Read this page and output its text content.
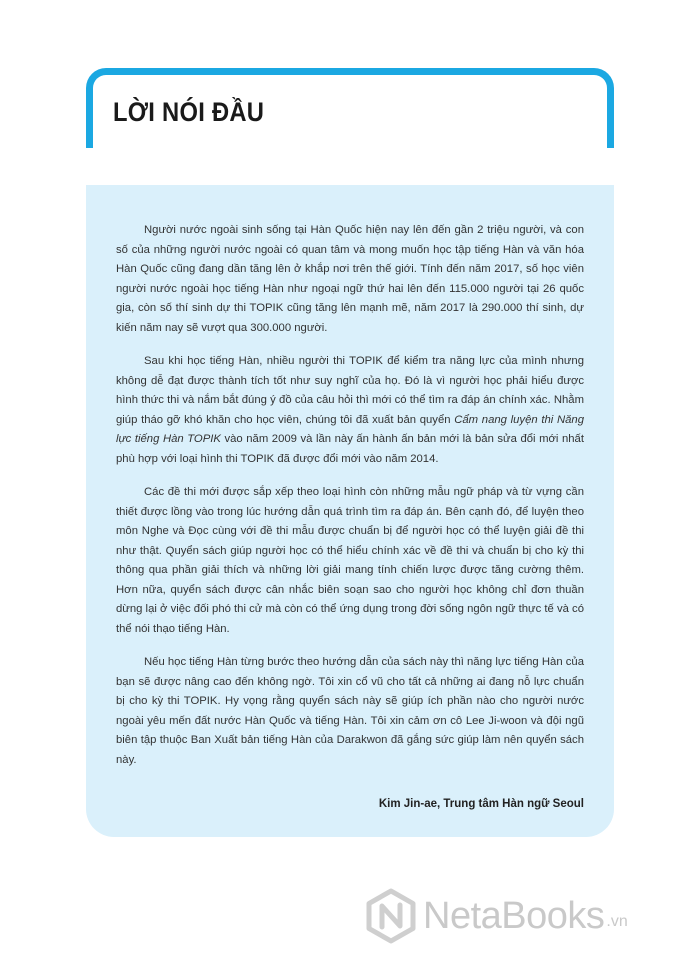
LỜI NÓI ĐẦU

Người nước ngoài sinh sống tại Hàn Quốc hiện nay lên đến gần 2 triệu người, và con số của những người nước ngoài có quan tâm và mong muốn học tập tiếng Hàn và văn hóa Hàn Quốc cũng đang dần tăng lên ở khắp nơi trên thế giới. Tính đến năm 2017, số học viên người nước ngoài học tiếng Hàn như ngoại ngữ thứ hai lên đến 115.000 người tại 26 quốc gia, còn số thí sinh dự thi TOPIK cũng tăng lên mạnh mẽ, năm 2017 là 290.000 thí sinh, dự kiến năm nay sẽ vượt qua 300.000 người.

Sau khi học tiếng Hàn, nhiều người thi TOPIK để kiểm tra năng lực của mình nhưng không dễ đạt được thành tích tốt như suy nghĩ của họ. Đó là vì người học phải hiểu được hình thức thi và nắm bắt đúng ý đồ của câu hỏi thì mới có thể tìm ra đáp án chính xác. Nhằm giúp tháo gỡ khó khăn cho học viên, chúng tôi đã xuất bản quyển Cẩm nang luyện thi Năng lực tiếng Hàn TOPIK vào năm 2009 và lần này ấn hành ấn bản mới là bản sửa đổi mới nhất phù hợp với loại hình thi TOPIK đã được đổi mới vào năm 2014.

Các đề thi mới được sắp xếp theo loại hình còn những mẫu ngữ pháp và từ vựng cần thiết được lồng vào trong lúc hướng dẫn quá trình tìm ra đáp án. Bên cạnh đó, để luyện theo môn Nghe và Đọc cùng với đề thi mẫu được chuẩn bị để người học có thể luyện giải đề thi như thật. Quyển sách giúp người học có thể hiểu chính xác về đề thi và chuẩn bị cho kỳ thi thông qua phần giải thích và những lời giải mang tính chiến lược được tăng cường thêm. Hơn nữa, quyển sách được cân nhắc biên soạn sao cho người học không chỉ đơn thuần dừng lại ở việc đối phó thi cử mà còn có thể ứng dụng trong đời sống ngôn ngữ thực tế và có thể nói thạo tiếng Hàn.

Nếu học tiếng Hàn từng bước theo hướng dẫn của sách này thì năng lực tiếng Hàn của bạn sẽ được nâng cao đến không ngờ. Tôi xin cổ vũ cho tất cả những ai đang nỗ lực chuẩn bị cho kỳ thi TOPIK. Hy vọng rằng quyển sách này sẽ giúp ích phần nào cho người nước ngoài yêu mến đất nước Hàn Quốc và tiếng Hàn. Tôi xin cảm ơn cô Lee Ji-woon và đội ngũ biên tập thuộc Ban Xuất bản tiếng Hàn của Darakwon đã gắng sức giúp làm nên quyển sách này.

Kim Jin-ae, Trung tâm Hàn ngữ Seoul

NetaBooks .vn
